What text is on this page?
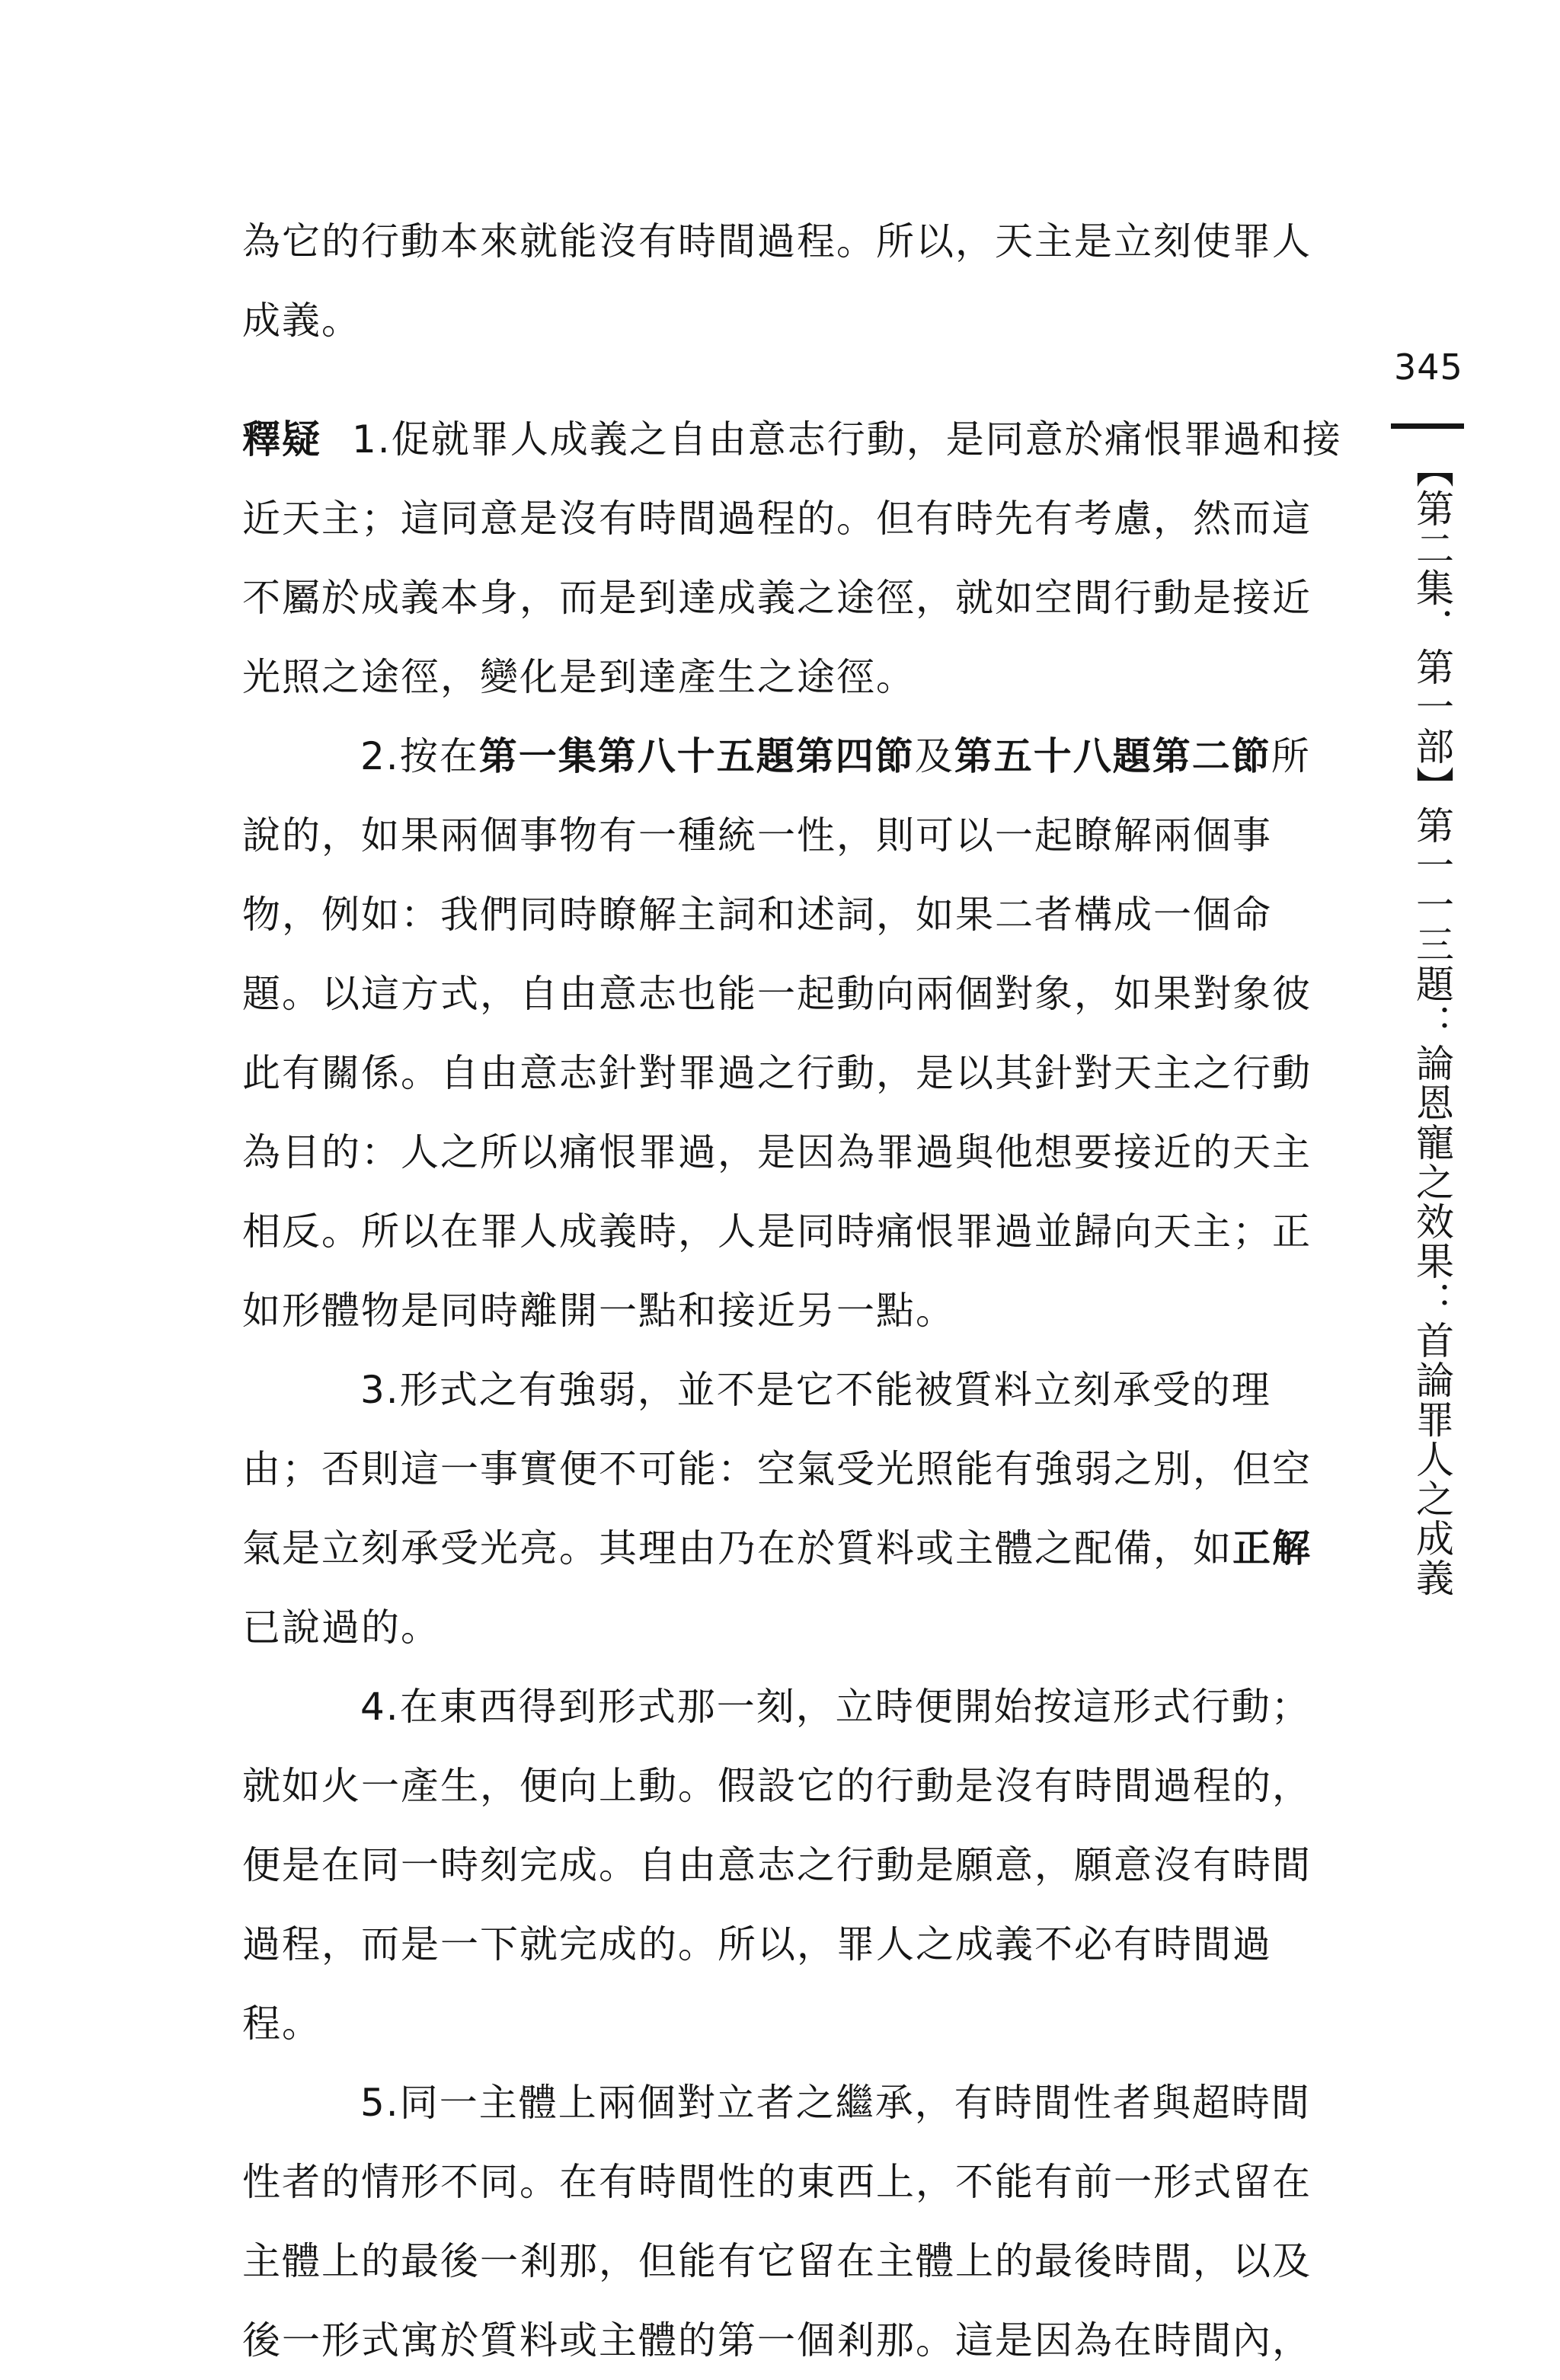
為它的行動本來就能沒有時間過程。所以，天主是立刻使罪人成義。

釋疑 1.促就罪人成義之自由意志行動，是同意於痛恨罪過和接近天主；這同意是沒有時間過程的。但有時先有考慮，然而這不屬於成義本身，而是到達成義之途徑，就如空間行動是接近光照之途徑，變化是到達產生之途徑。

2.按在第一集第八十五題第四節及第五十八題第二節所說的，如果兩個事物有一種統一性，則可以一起瞭解兩個事物，例如：我們同時瞭解主詞和述詞，如果二者構成一個命題。以這方式，自由意志也能一起動向兩個對象，如果對象彼此有關係。自由意志針對罪過之行動，是以其針對天主之行動為目的：人之所以痛恨罪過，是因為罪過與他想要接近的天主相反。所以在罪人成義時，人是同時痛恨罪過並歸向天主；正如形體物是同時離開一點和接近另一點。

3.形式之有強弱，並不是它不能被質料立刻承受的理由；否則這一事實便不可能：空氣受光照能有強弱之別，但空氣是立刻承受光亮。其理由乃在於質料或主體之配備，如正解已說過的。

4.在東西得到形式那一刻，立時便開始按這形式行動；就如火一產生，便向上動。假設它的行動是沒有時間過程的，便是在同一時刻完成。自由意志之行動是願意，願意沒有時間過程，而是一下就完成的。所以，罪人之成義不必有時間過程。

5.同一主體上兩個對立者之繼承，有時間性者與超時間性者的情形不同。在有時間性的東西上，不能有前一形式留在主體上的最後一剎那，但能有它留在主體上的最後時間，以及後一形式寓於質料或主體的第一個剎那。這是因為在時間內，

345
【第二集．第一部】第一一三題：論恩寵之效果：首論罪人之成義
